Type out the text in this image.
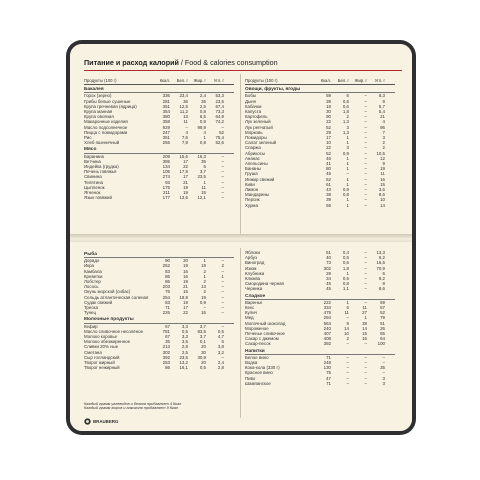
Питание и расход калорий / Food & calories consumption
Продукты (100 г)	Ккал.	Бел. г	Жир. г	Угл. г
Бакалея
Горох (зерно)	336	23,4	2,4	53,3
Грибы белые сушеные	281	36	36	23,5
Крупа гречневая (ядрица)	351	12,5	2,5	67,4
Крупа манная	354	11,2	0,8	73,3
Крупа овсяная	380	13	6,5	64,9
Макаронные изделия	358	11	0,9	74,2
Масло подсолнечное	929	–	99,9	–
Пицца с помидорами	247	4	4	52
Рис	351	7,6	1	75,4
Хлеб пшеничный	255	7,9	0,8	52,6
Мясо
Баранина	209	15,6	16,3	–
Ветчина	395	17	35	–
Индейка (грудка)	134	22	5	–
Печень говяжья	105	17,9	3,7	–
Свинина	274	17	23,5	–
Телятина	93	21	1	–
Цыпленок	175	19	11	–
Ягненок	211	19	15	–
Язык говяжий	177	13,6	12,1	–
Продукты (100 г)	Ккал.	Бел. г	Жир. г	Угл. г
Овощи, фрукты, ягоды
Бобы	59	6	–	8,3
Дыня	39	0,6	–	9
Кабачки	18	0,6	–	5,7
Капуста	30	1,8	–	5,4
Картофель	90	2	–	21
Лук зеленый	22	1,3	–	4
Лук репчатый	52	3	–	96
Морковь	29	1,3	–	7
Помидоры	17	1	–	3
Салат зеленый	10	1	–	2
Спаржа	22	3	–	2
Абрикосы	52	0,9	–	10,5
Ананас	46	1	–	12
Апельсины	41	1	–	9
Бананы	80	1	–	19
Груша	45	–	–	11
Инжир свежий	62	1	–	16
Киви	61	1	–	15
Лимон	43	0,9	–	3,6
Мандарины	38	0,8	–	8,6
Персик	39	1	–	10
Хурма	56	1	–	14
Рыба
Дорадо	90	20	1	–
Икра	252	19	19	2
Камбала	83	16	2	–
Креветки	86	16	1	1
Лобстер	86	19	2	–
Лосось	203	21	13	–
Окунь морской (сибас)	75	15	2	–
Сельдь атлантическая соленая	254	18,9	19	–
Судак свежий	83	19	0,9	–
Треска	71	17	–	–
Тунец	226	22	16	–
Молочные продукты
Кефир	67	3,3	3,7	–
Масло сливочное несолёное	781	0,5	83,5	0,5
Молоко коровье	67	3,3	3,7	4,7
Молоко обезжиренное	35	3,5	0,1	5
Сливки 20% ные	213	2,8	20	3,8
Сметана	302	2,5	30	3,2
Сыр голландский	392	23,5	30,9	–
Творог жирный	253	13,2	20	2,4
Творог нежирный	86	16,1	0,5	2,8
Яблоки	51	0,4	–	13,3
Арбуз	40	0,5	–	9,2
Виноград	73	0,6	–	16,5
Изюм	302	1,8	–	70,9
Клубника	29	1	–	6
Клюква	34	0,5	–	9,2
Смородина черная	45	0,8	–	8
Черника	45	1,1	–	8,6
Сладкое
Варенье	222	1	–	59
Кекс	334	6	11	57
Кулич	479	11	27	52
Мед	294	–	1	79
Молочный шоколад	564	9	38	51
Мороженое	240	14	14	26
Печенье сливочное	407	10	15	65
Сахар с джемом	408	2	16	64
Сахар-песок	392	–	–	100
Напитки
Белое вино	71	–	–	–
Водка	248	–	–	–
Кока-кола (330 г)	130	–	–	35
Красное вино	75	–	–	–
Пиво	47	–	–	3
Шампанское	71	–	–	3
Каждый грамм углеводов и белков прибавляет 4 Ккал
Каждый грамм жиров и алкоголя прибавляет 9 Ккал
BRAUBERG
